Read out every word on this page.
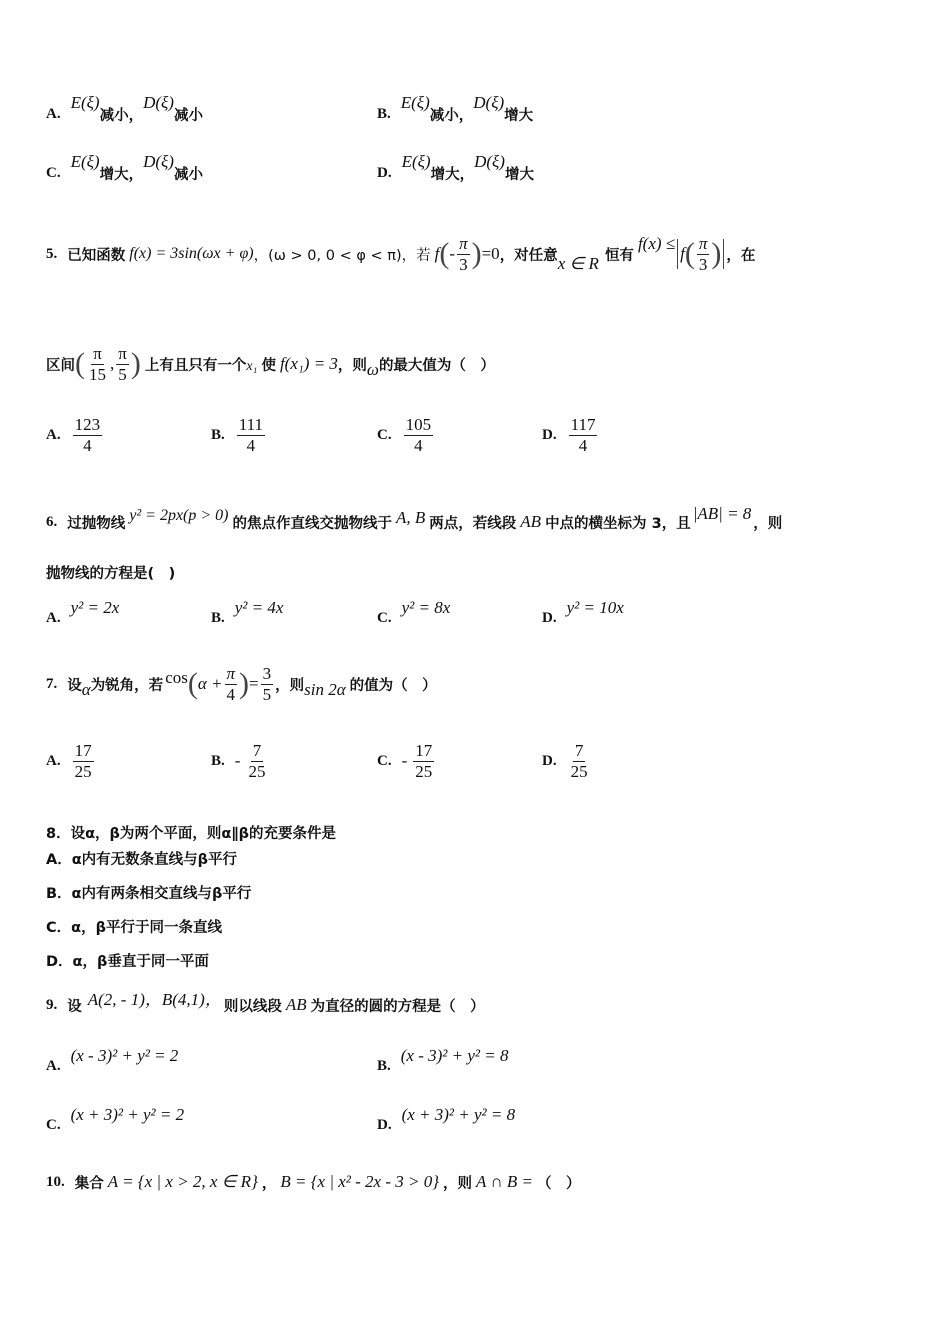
A.
E(ξ)
减小，
D(ξ)
减小	B.
E(ξ)
减小，
D(ξ)
增大
C.
E(ξ)
增大，
D(ξ)
减小	D.
E(ξ)
增大，
D(ξ)
增大
5. 已知函数 f(x) = 3sin(ωx + φ) ，(ω > 0, 0 < φ < π)，若 f ( - $\frac{\pi}{3}$ ) =0 ，对任意 x ∈ R 恒有
f(x) ≤
f ( $\frac{\pi}{3}$ ) ，在
区间 ( $\frac{\pi}{15}$ , $\frac{\pi}{5}$ ) 上有且只有一个 x₁ 使 f(x₁) = 3 ，则 ω 的最大值为（　）
A. $\frac{123}{4}$	B. $\frac{111}{4}$	C. $\frac{105}{4}$	D. $\frac{117}{4}$
6. 过抛物线 y² = 2px(p > 0) 的焦点作直线交抛物线于 A, B 两点，若线段 AB 中点的横坐标为 3，且
|AB| = 8
，则
抛物线的方程是(　)
A.
y² = 2x
B.
y² = 4x
C.
y² = 8x
D.
y² = 10x
7. 设 α 为锐角，若 cos ( $\alpha + \frac{\pi}{4}$ ) = $\frac{3}{5}$ ，则 sin 2α 的值为（　）
A. $\frac{17}{25}$	B. - $\frac{7}{25}$	C. - $\frac{17}{25}$	D. $\frac{7}{25}$
8．设α，β为两个平面，则α∥β的充要条件是
A．α内有无数条直线与β平行
B．α内有两条相交直线与β平行
C．α，β平行于同一条直线
D．α，β垂直于同一平面
9. 设 A(2, - 1)，B(4,1)， 则以线段 AB 为直径的圆的方程是（　）
A.
(x - 3)² + y² = 2
B.
(x - 3)² + y² = 8
C.
(x + 3)² + y² = 2
D.
(x + 3)² + y² = 8
10. 集合 A = {x | x > 2, x ∈ R} ， B = {x | x² - 2x - 3 > 0} ，则 A ∩ B = （　）
